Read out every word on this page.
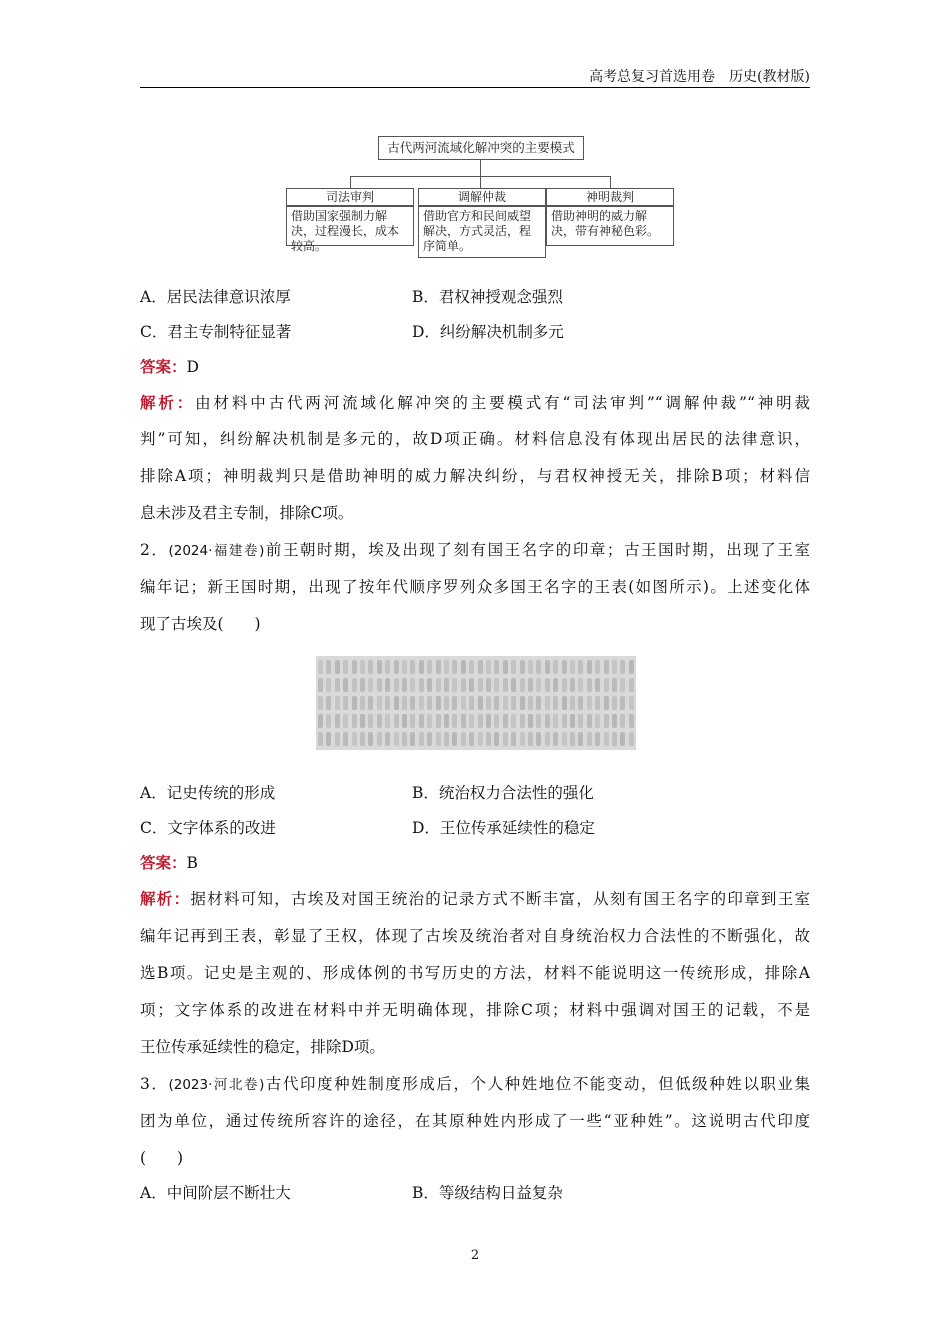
高考总复习首选用卷　历史(教材版)
古代两河流域化解冲突的主要模式
司法审判
借助国家强制力解决，过程漫长，成本较高。
调解仲裁
借助官方和民间威望解决，方式灵活，程序简单。
神明裁判
借助神明的威力解决，带有神秘色彩。
A．居民法律意识浓厚	B．君权神授观念强烈
C．君主专制特征显著	D．纠纷解决机制多元
答案：D
解析：由材料中古代两河流域化解冲突的主要模式有“司法审判”“调解仲裁”“神明裁
判”可知，纠纷解决机制是多元的，故D项正确。材料信息没有体现出居民的法律意识，
排除A项；神明裁判只是借助神明的威力解决纠纷，与君权神授无关，排除B项；材料信
息未涉及君主专制，排除C项。
2．(2024·福建卷)前王朝时期，埃及出现了刻有国王名字的印章；古王国时期，出现了王室
编年记；新王国时期，出现了按年代顺序罗列众多国王名字的王表(如图所示)。上述变化体
现了古埃及(　　)
A．记史传统的形成	B．统治权力合法性的强化
C．文字体系的改进	D．王位传承延续性的稳定
答案：B
解析：据材料可知，古埃及对国王统治的记录方式不断丰富，从刻有国王名字的印章到王室
编年记再到王表，彰显了王权，体现了古埃及统治者对自身统治权力合法性的不断强化，故
选B项。记史是主观的、形成体例的书写历史的方法，材料不能说明这一传统形成，排除A
项；文字体系的改进在材料中并无明确体现，排除C项；材料中强调对国王的记载，不是
王位传承延续性的稳定，排除D项。
3．(2023·河北卷)古代印度种姓制度形成后，个人种姓地位不能变动，但低级种姓以职业集
团为单位，通过传统所容许的途径，在其原种姓内形成了一些“亚种姓”。这说明古代印度
(　　)
A．中间阶层不断壮大	B．等级结构日益复杂
2
